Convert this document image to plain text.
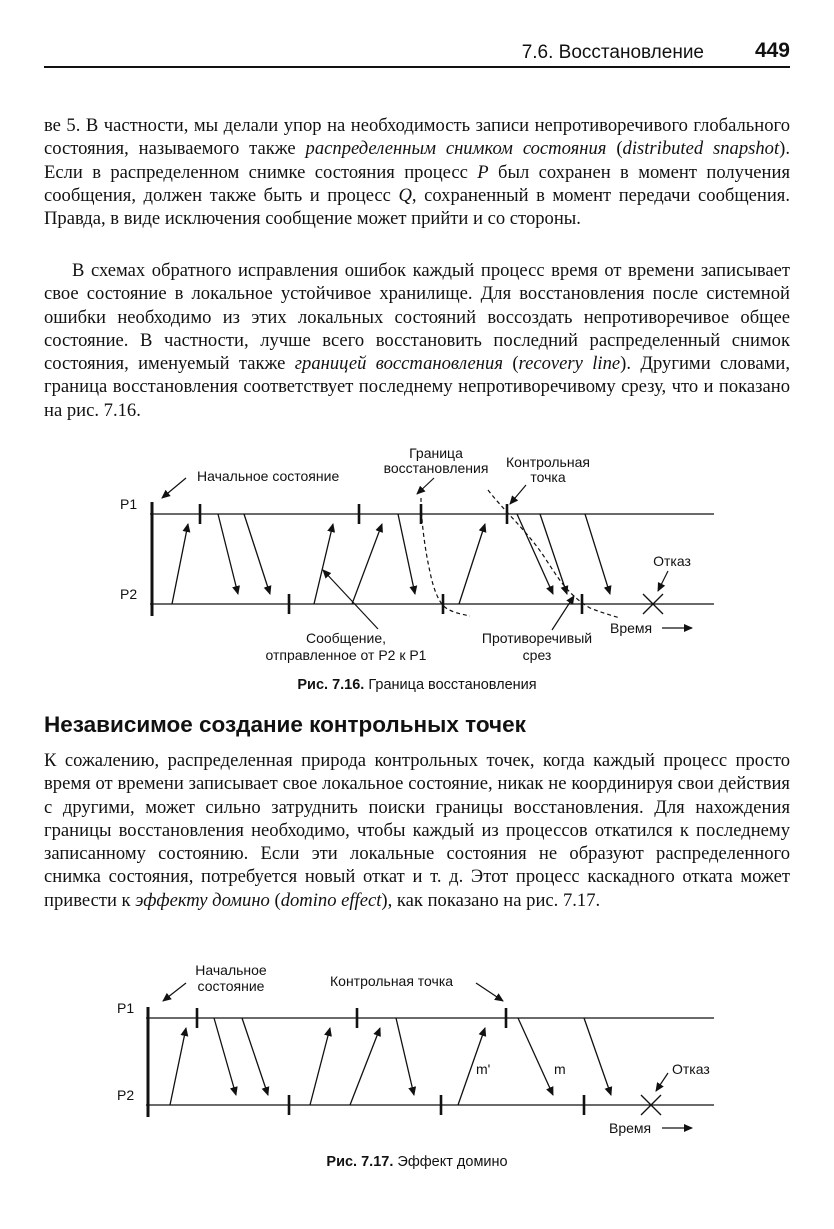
7.6. Восстановление 449

ве 5. В частности, мы делали упор на необходимость записи непротиворечивого глобального состояния, называемого также распределенным снимком состояния (distributed snapshot). Если в распределенном снимке состояния процесс P был сохранен в момент получения сообщения, должен также быть и процесс Q, сохраненный в момент передачи сообщения. Правда, в виде исключения сообщение может прийти и со стороны.

В схемах обратного исправления ошибок каждый процесс время от времени записывает свое состояние в локальное устойчивое хранилище. Для восстановления после системной ошибки необходимо из этих локальных состояний воссоздать непротиворечивое общее состояние. В частности, лучше всего восстановить последний распределенный снимок состояния, именуемый также границей восстановления (recovery line). Другими словами, граница восстановления соответствует последнему непротиворечивому срезу, что и показано на рис. 7.16.

P1
P2
Начальное состояние
Граница
восстановления Контрольная
точка
Отказ
Сообщение,
отправленное от P2 к P1
Противоречивый
срез
Время
Рис. 7.16. Граница восстановления
Независимое создание контрольных точек

К сожалению, распределенная природа контрольных точек, когда каждый процесс просто время от времени записывает свое локальное состояние, никак не координируя свои действия с другими, может сильно затруднить поиски границы восстановления. Для нахождения границы восстановления необходимо, чтобы каждый из процессов откатился к последнему записанному состоянию. Если эти локальные состояния не образуют распределенного снимка состояния, потребуется новый откат и т. д. Этот процесс каскадного отката может привести к эффекту домино (domino effect), как показано на рис. 7.17.

P1
P2
Начальное
состояние	Контрольная точка
m'	m	Отказ
Время
Рис. 7.17. Эффект домино
